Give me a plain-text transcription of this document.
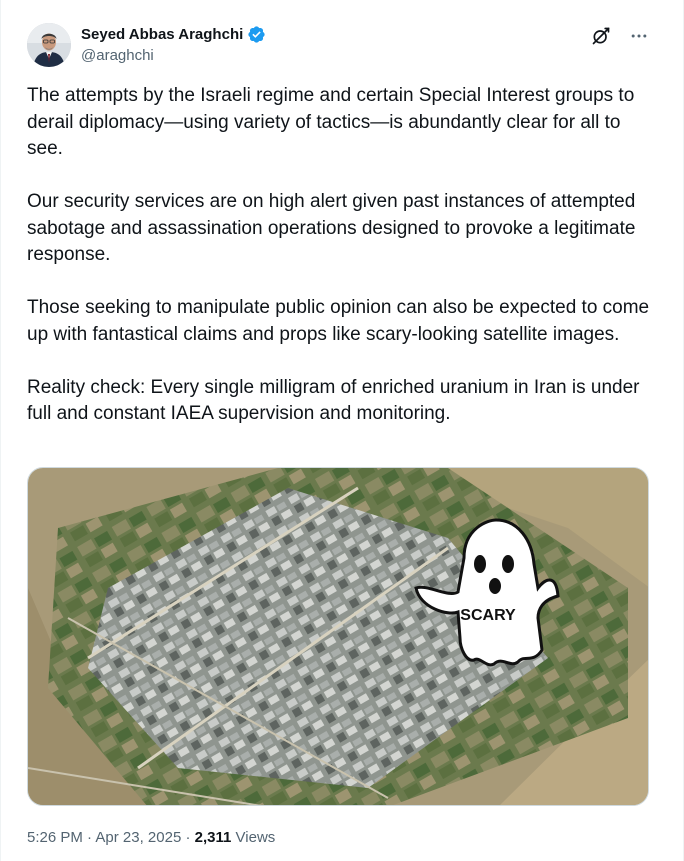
Seyed Abbas Araghchi
@araghchi

The attempts by the Israeli regime and certain Special Interest groups to derail diplomacy—using variety of tactics—is abundantly clear for all to see.

Our security services are on high alert given past instances of attempted sabotage and assassination operations designed to provoke a legitimate response.

Those seeking to manipulate public opinion can also be expected to come up with fantastical claims and props like scary-looking satellite images.

Reality check: Every single milligram of enriched uranium in Iran is under full and constant IAEA supervision and monitoring.

SCARY
5:26 PM · Apr 23, 2025 · 2,311 Views
